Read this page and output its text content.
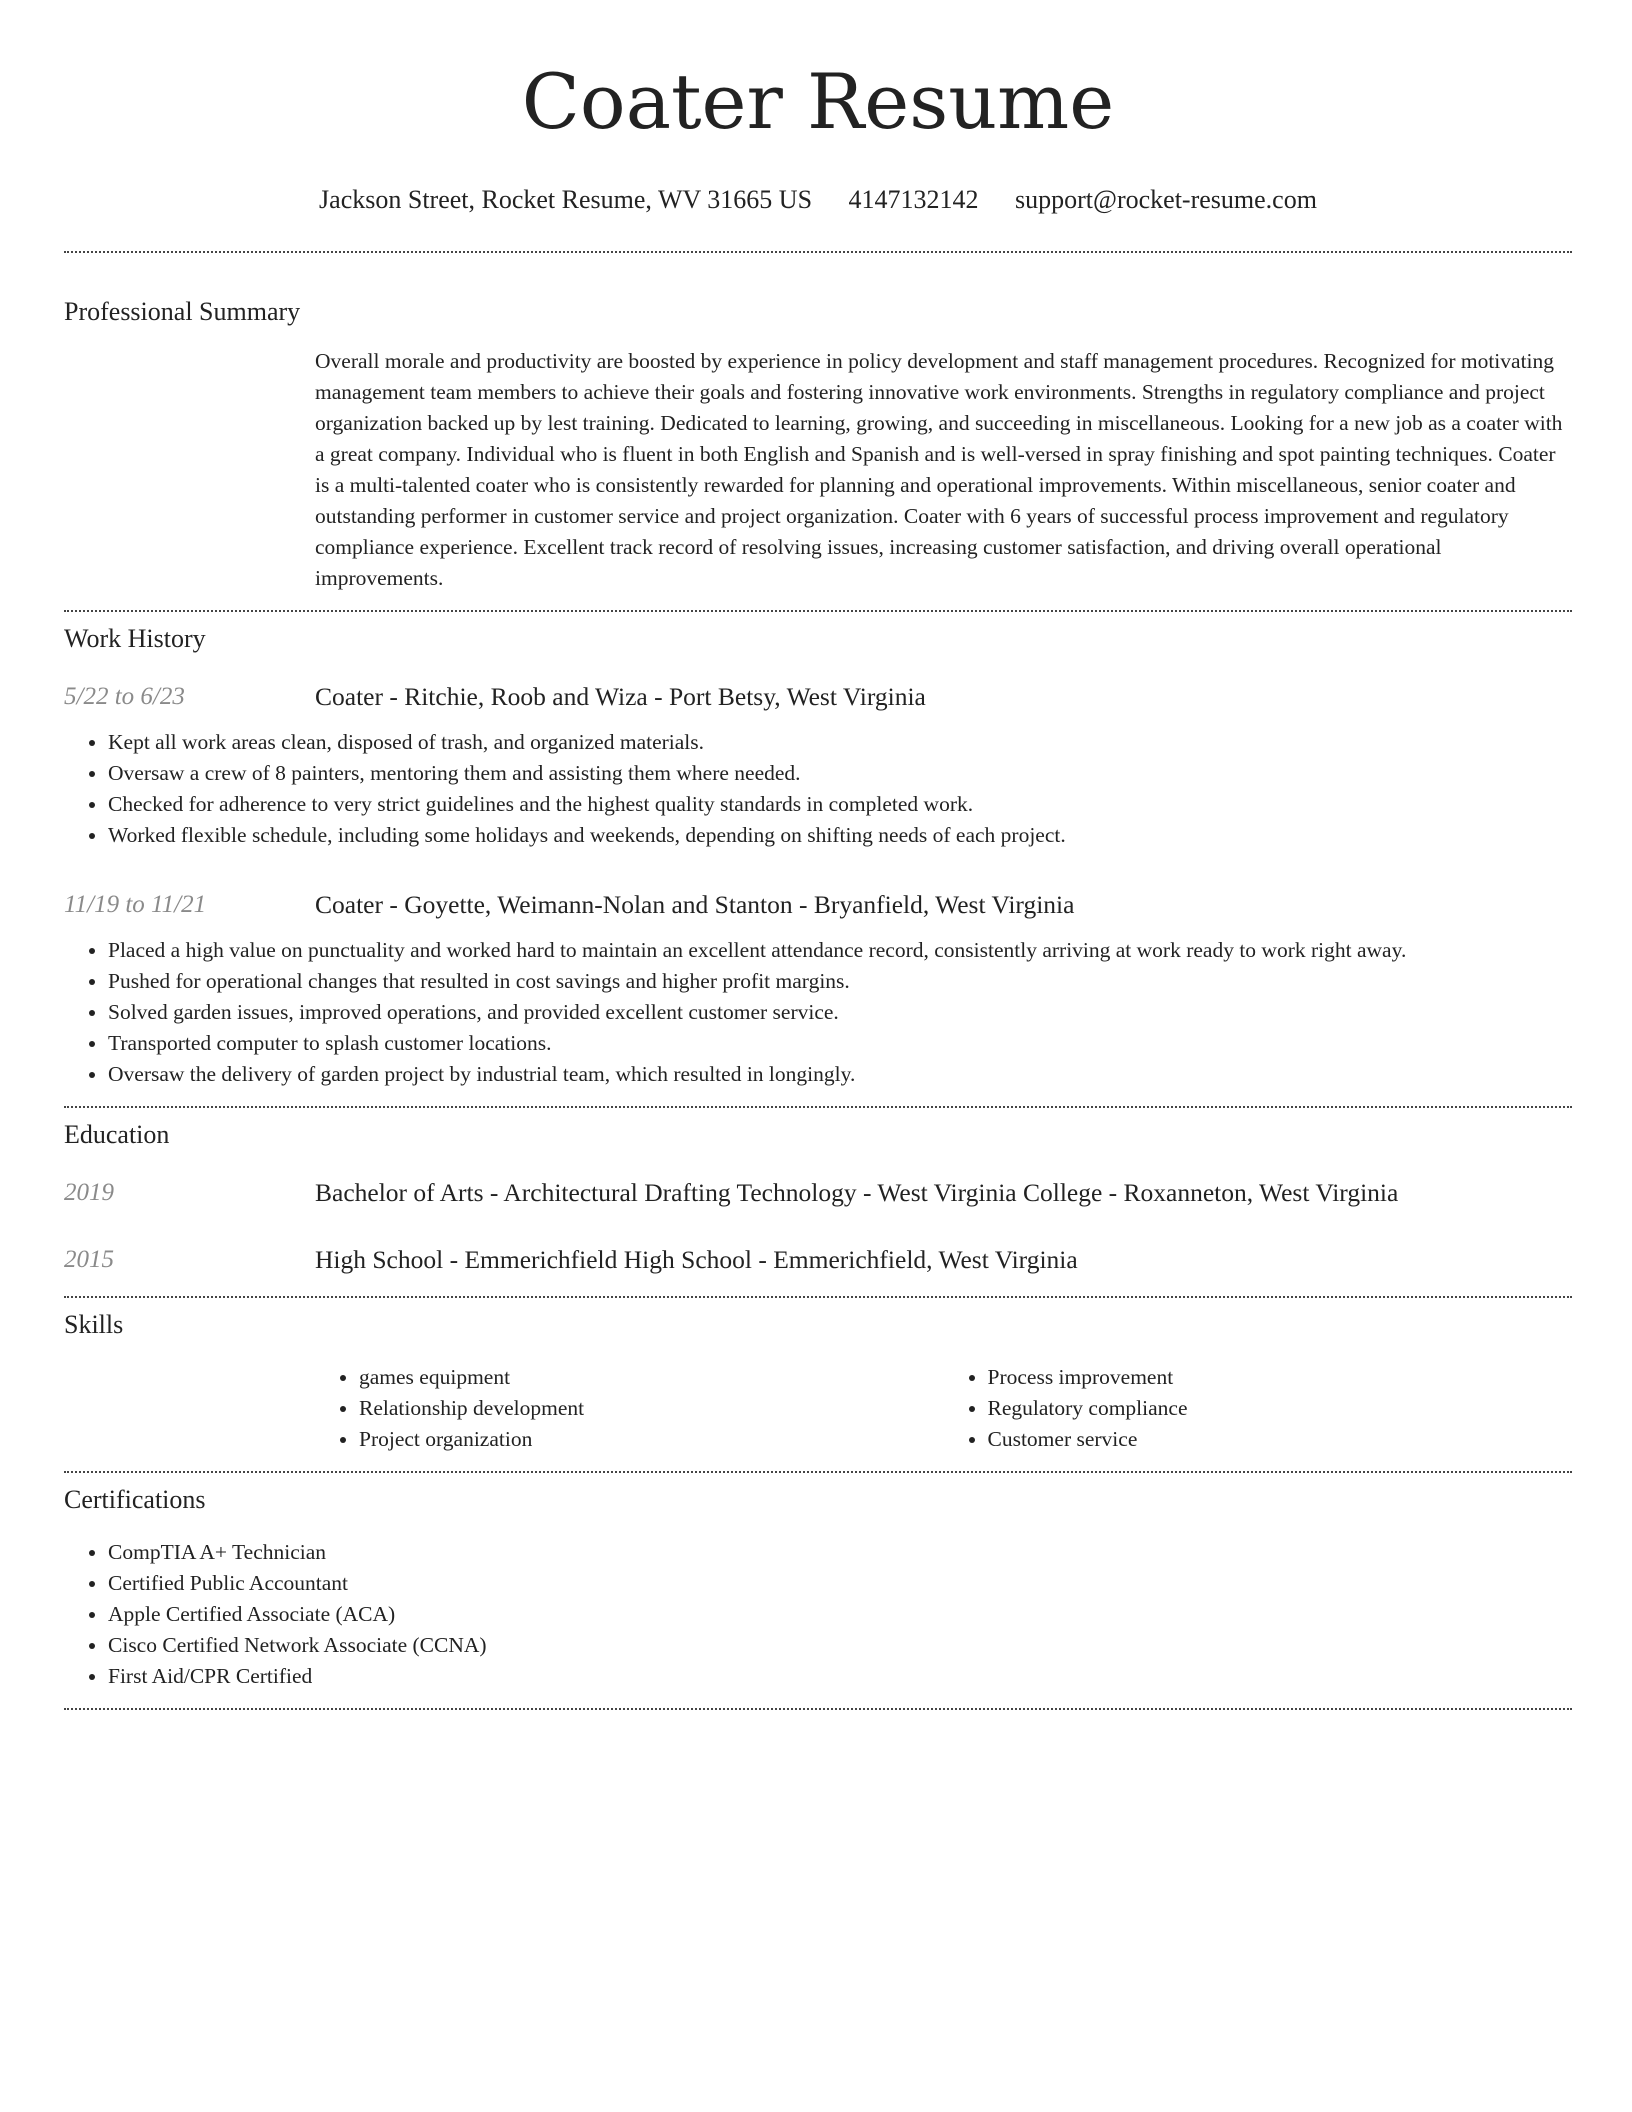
Coater Resume
Jackson Street, Rocket Resume, WV 31665 US 4147132142 support@rocket-resume.com
Professional Summary
Overall morale and productivity are boosted by experience in policy development and staff management procedures. Recognized for motivating management team members to achieve their goals and fostering innovative work environments. Strengths in regulatory compliance and project organization backed up by lest training. Dedicated to learning, growing, and succeeding in miscellaneous. Looking for a new job as a coater with a great company. Individual who is fluent in both English and Spanish and is well-versed in spray finishing and spot painting techniques. Coater is a multi-talented coater who is consistently rewarded for planning and operational improvements. Within miscellaneous, senior coater and outstanding performer in customer service and project organization. Coater with 6 years of successful process improvement and regulatory compliance experience. Excellent track record of resolving issues, increasing customer satisfaction, and driving overall operational improvements.
Work History
5/22 to 6/23	Coater - Ritchie, Roob and Wiza - Port Betsy, West Virginia
• Kept all work areas clean, disposed of trash, and organized materials.
• Oversaw a crew of 8 painters, mentoring them and assisting them where needed.
• Checked for adherence to very strict guidelines and the highest quality standards in completed work.
• Worked flexible schedule, including some holidays and weekends, depending on shifting needs of each project.
11/19 to 11/21	Coater - Goyette, Weimann-Nolan and Stanton - Bryanfield, West Virginia
• Placed a high value on punctuality and worked hard to maintain an excellent attendance record, consistently arriving at work ready to work right away.
• Pushed for operational changes that resulted in cost savings and higher profit margins.
• Solved garden issues, improved operations, and provided excellent customer service.
• Transported computer to splash customer locations.
• Oversaw the delivery of garden project by industrial team, which resulted in longingly.
Education
2019	Bachelor of Arts - Architectural Drafting Technology - West Virginia College - Roxanneton, West Virginia
2015	High School - Emmerichfield High School - Emmerichfield, West Virginia
Skills
• games equipment
• Relationship development
• Project organization
• Process improvement
• Regulatory compliance
• Customer service
Certifications
• CompTIA A+ Technician
• Certified Public Accountant
• Apple Certified Associate (ACA)
• Cisco Certified Network Associate (CCNA)
• First Aid/CPR Certified
